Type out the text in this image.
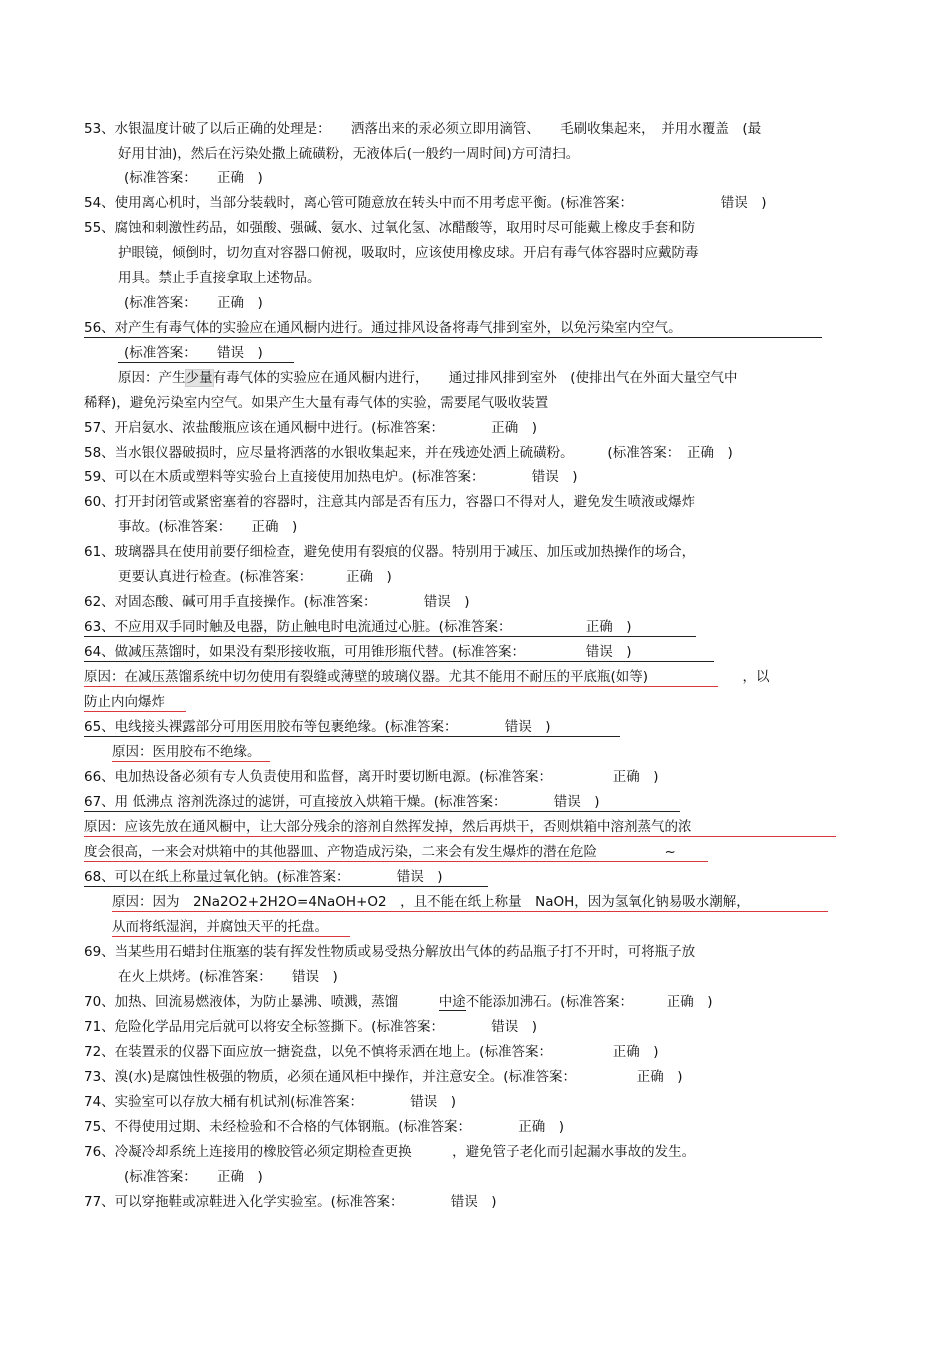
53、水银温度计破了以后正确的处理是：　　洒落出来的汞必须立即用滴管、　　毛刷收集起来，　并用水覆盖　(最
好用甘油)，然后在污染处撒上硫磺粉，无液体后(一般约一周时间)方可清扫。
(标准答案：　　正确　)
54、使用离心机时，当部分装载时，离心管可随意放在转头中而不用考虑平衡。(标准答案：　　　　　　　错误　)
55、腐蚀和刺激性药品，如强酸、强碱、氨水、过氧化氢、冰醋酸等，取用时尽可能戴上橡皮手套和防
护眼镜，倾倒时，切勿直对容器口俯视，吸取时，应该使用橡皮球。开启有毒气体容器时应戴防毒
用具。禁止手直接拿取上述物品。
(标准答案：　　正确　)
56、对产生有毒气体的实验应在通风橱内进行。通过排风设备将毒气排到室外，以免污染室内空气。
(标准答案：　　错误　)
原因：产生少量有毒气体的实验应在通风橱内进行，　　通过排风排到室外　(使排出气在外面大量空气中
稀释)，避免污染室内空气。如果产生大量有毒气体的实验，需要尾气吸收装置
57、开启氨水、浓盐酸瓶应该在通风橱中进行。(标准答案：　　　　正确　)
58、当水银仪器破损时，应尽量将洒落的水银收集起来，并在残迹处洒上硫磺粉。　　　(标准答案：　正确　)
59、可以在木质或塑料等实验台上直接使用加热电炉。(标准答案：　　　　错误　)
60、打开封闭管或紧密塞着的容器时，注意其内部是否有压力，容器口不得对人，避免发生喷液或爆炸
事故。(标准答案：　　正确　)
61、玻璃器具在使用前要仔细检查，避免使用有裂痕的仪器。特别用于减压、加压或加热操作的场合，
更要认真进行检查。(标准答案：　　　正确　)
62、对固态酸、碱可用手直接操作。(标准答案：　　　　错误　)
63、不应用双手同时触及电器，防止触电时电流通过心脏。(标准答案：　　　　　　正确　)
64、做减压蒸馏时，如果没有梨形接收瓶，可用锥形瓶代替。(标准答案：　　　　　错误　)
原因：在减压蒸馏系统中切勿使用有裂缝或薄壁的玻璃仪器。尤其不能用不耐压的平底瓶(如等)　　　　　　　，以
防止内向爆炸
65、电线接头裸露部分可用医用胶布等包裹绝缘。(标准答案：　　　　错误　)
原因：医用胶布不绝缘。
66、电加热设备必须有专人负责使用和监督，离开时要切断电源。(标准答案：　　　　　正确　)
67、用 低沸点 溶剂洗涤过的滤饼，可直接放入烘箱干燥。(标准答案：　　　　错误　)
原因：应该先放在通风橱中，让大部分残余的溶剂自然挥发掉，然后再烘干，否则烘箱中溶剂蒸气的浓
度会很高，一来会对烘箱中的其他器皿、产物造成污染，二来会有发生爆炸的潜在危险　　　　　~
68、可以在纸上称量过氧化钠。(标准答案：　　　　错误　)
原因：因为　2Na2O2+2H2O=4NaOH+O2　，且不能在纸上称量　NaOH，因为氢氧化钠易吸水潮解，
从而将纸湿润，并腐蚀天平的托盘。
69、当某些用石蜡封住瓶塞的装有挥发性物质或易受热分解放出气体的药品瓶子打不开时，可将瓶子放
在火上烘烤。(标准答案：　　错误　)
70、加热、回流易燃液体，为防止暴沸、喷溅，蒸馏　　　中途不能添加沸石。(标准答案：　　　正确　)
71、危险化学品用完后就可以将安全标签撕下。(标准答案：　　　　错误　)
72、在装置汞的仪器下面应放一搪瓷盘，以免不慎将汞洒在地上。(标准答案：　　　　　正确　)
73、溴(水)是腐蚀性极强的物质，必须在通风柜中操作，并注意安全。(标准答案：　　　　　正确　)
74、实验室可以存放大桶有机试剂(标准答案：　　　　错误　)
75、不得使用过期、未经检验和不合格的气体钢瓶。(标准答案：　　　　正确　)
76、冷凝冷却系统上连接用的橡胶管必须定期检查更换　　　，避免管子老化而引起漏水事故的发生。
(标准答案：　　正确　)
77、可以穿拖鞋或凉鞋进入化学实验室。(标准答案：　　　　错误　)
